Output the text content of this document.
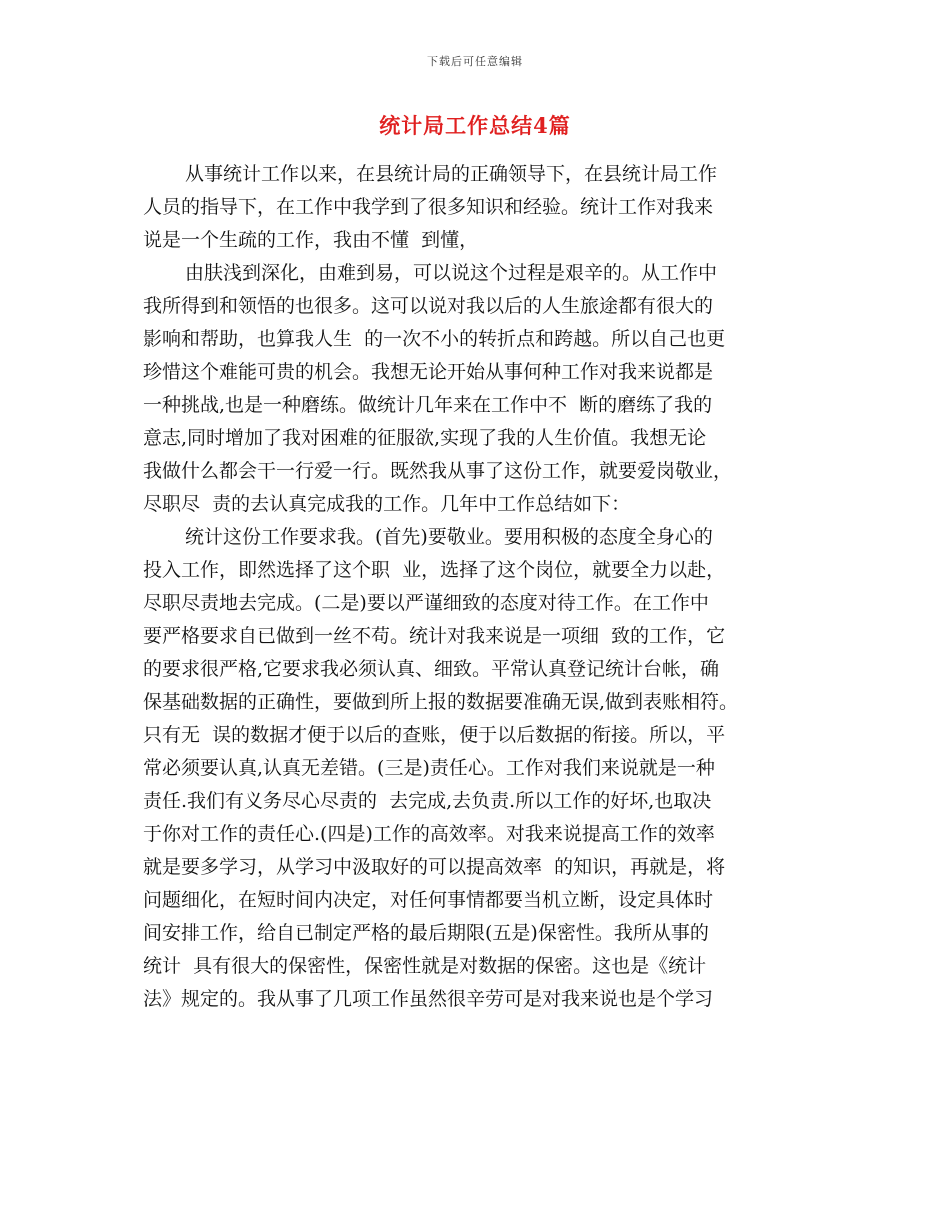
下载后可任意编辑
统计局工作总结4篇
从事统计工作以来，在县统计局的正确领导下，在县统计局工作
人员的指导下，在工作中我学到了很多知识和经验。统计工作对我来
说是一个生疏的工作，我由不懂  到懂，
由肤浅到深化，由难到易，可以说这个过程是艰辛的。从工作中
我所得到和领悟的也很多。这可以说对我以后的人生旅途都有很大的
影响和帮助，也算我人生  的一次不小的转折点和跨越。所以自己也更
珍惜这个难能可贵的机会。我想无论开始从事何种工作对我来说都是
一种挑战,也是一种磨练。做统计几年来在工作中不  断的磨练了我的
意志,同时增加了我对困难的征服欲,实现了我的人生价值。我想无论
我做什么都会干一行爱一行。既然我从事了这份工作，就要爱岗敬业，
尽职尽  责的去认真完成我的工作。几年中工作总结如下：
统计这份工作要求我。(首先)要敬业。要用积极的态度全身心的
投入工作，即然选择了这个职  业，选择了这个岗位，就要全力以赴，
尽职尽责地去完成。(二是)要以严谨细致的态度对待工作。在工作中
要严格要求自已做到一丝不苟。统计对我来说是一项细  致的工作，它
的要求很严格,它要求我必须认真、细致。平常认真登记统计台帐，确
保基础数据的正确性，要做到所上报的数据要准确无误,做到表账相符。
只有无  误的数据才便于以后的查账，便于以后数据的衔接。所以，平
常必须要认真,认真无差错。(三是)责任心。工作对我们来说就是一种
责任.我们有义务尽心尽责的  去完成,去负责.所以工作的好坏,也取决
于你对工作的责任心.(四是)工作的高效率。对我来说提高工作的效率
就是要多学习，从学习中汲取好的可以提高效率  的知识，再就是，将
问题细化，在短时间内决定，对任何事情都要当机立断，设定具体时
间安排工作，给自已制定严格的最后期限(五是)保密性。我所从事的
统计  具有很大的保密性，保密性就是对数据的保密。这也是《统计
法》规定的。我从事了几项工作虽然很辛劳可是对我来说也是个学习
